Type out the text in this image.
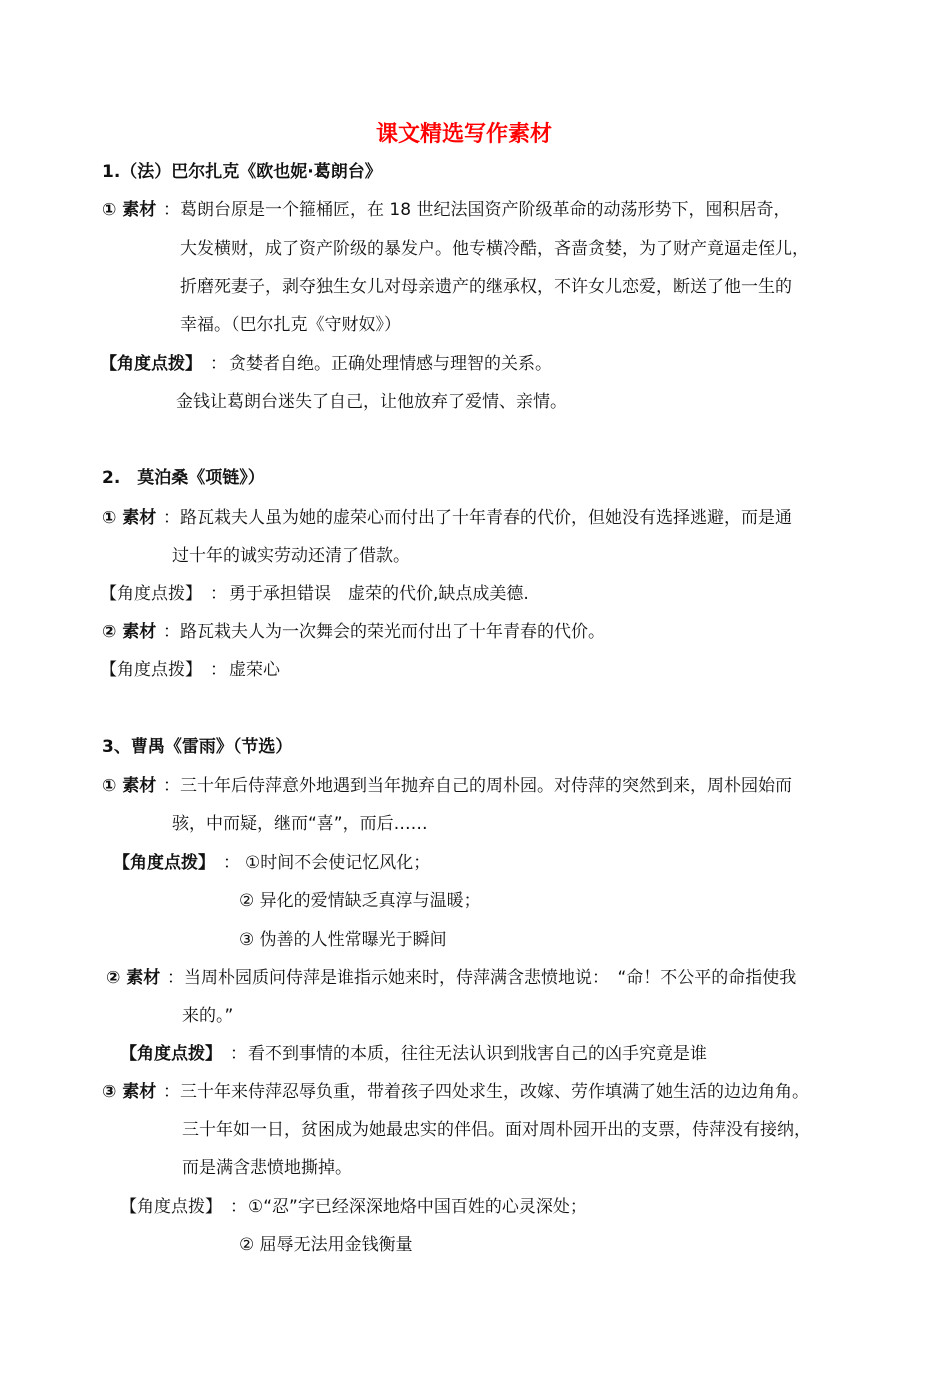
课文精选写作素材
1.（法）巴尔扎克《欧也妮·葛朗台》
① 素材 ： 葛朗台原是一个箍桶匠，在 18 世纪法国资产阶级革命的动荡形势下，囤积居奇，
大发横财，成了资产阶级的暴发户。他专横冷酷，吝啬贪婪，为了财产竟逼走侄儿，
折磨死妻子，剥夺独生女儿对母亲遗产的继承权，不许女儿恋爱，断送了他一生的
幸福。（巴尔扎克《守财奴》）
【角度点拨】 ： 贪婪者自绝。正确处理情感与理智的关系。
金钱让葛朗台迷失了自己，让他放弃了爱情、亲情。
2.　莫泊桑《项链》）
① 素材 ： 路瓦栽夫人虽为她的虚荣心而付出了十年青春的代价，但她没有选择逃避，而是通
过十年的诚实劳动还清了借款。
【角度点拨】 ： 勇于承担错误　虚荣的代价,缺点成美德.
② 素材 ： 路瓦栽夫人为一次舞会的荣光而付出了十年青春的代价。
【角度点拨】 ： 虚荣心
3、曹禺《雷雨》（节选）
① 素材 ： 三十年后侍萍意外地遇到当年抛弃自己的周朴园。对侍萍的突然到来，周朴园始而
骇，中而疑，继而“喜”，而后……
【角度点拨】 ： ①时间不会使记忆风化；
② 异化的爱情缺乏真淳与温暖；
③ 伪善的人性常曝光于瞬间
② 素材 ： 当周朴园质问侍萍是谁指示她来时，侍萍满含悲愤地说：　“命！不公平的命指使我
来的。”
【角度点拨】 ： 看不到事情的本质，往往无法认识到戕害自己的凶手究竟是谁
③ 素材 ： 三十年来侍萍忍辱负重，带着孩子四处求生，改嫁、劳作填满了她生活的边边角角。
三十年如一日，贫困成为她最忠实的伴侣。面对周朴园开出的支票，侍萍没有接纳，
而是满含悲愤地撕掉。
【角度点拨】 ： ①“忍”字已经深深地烙中国百姓的心灵深处；
② 屈辱无法用金钱衡量
